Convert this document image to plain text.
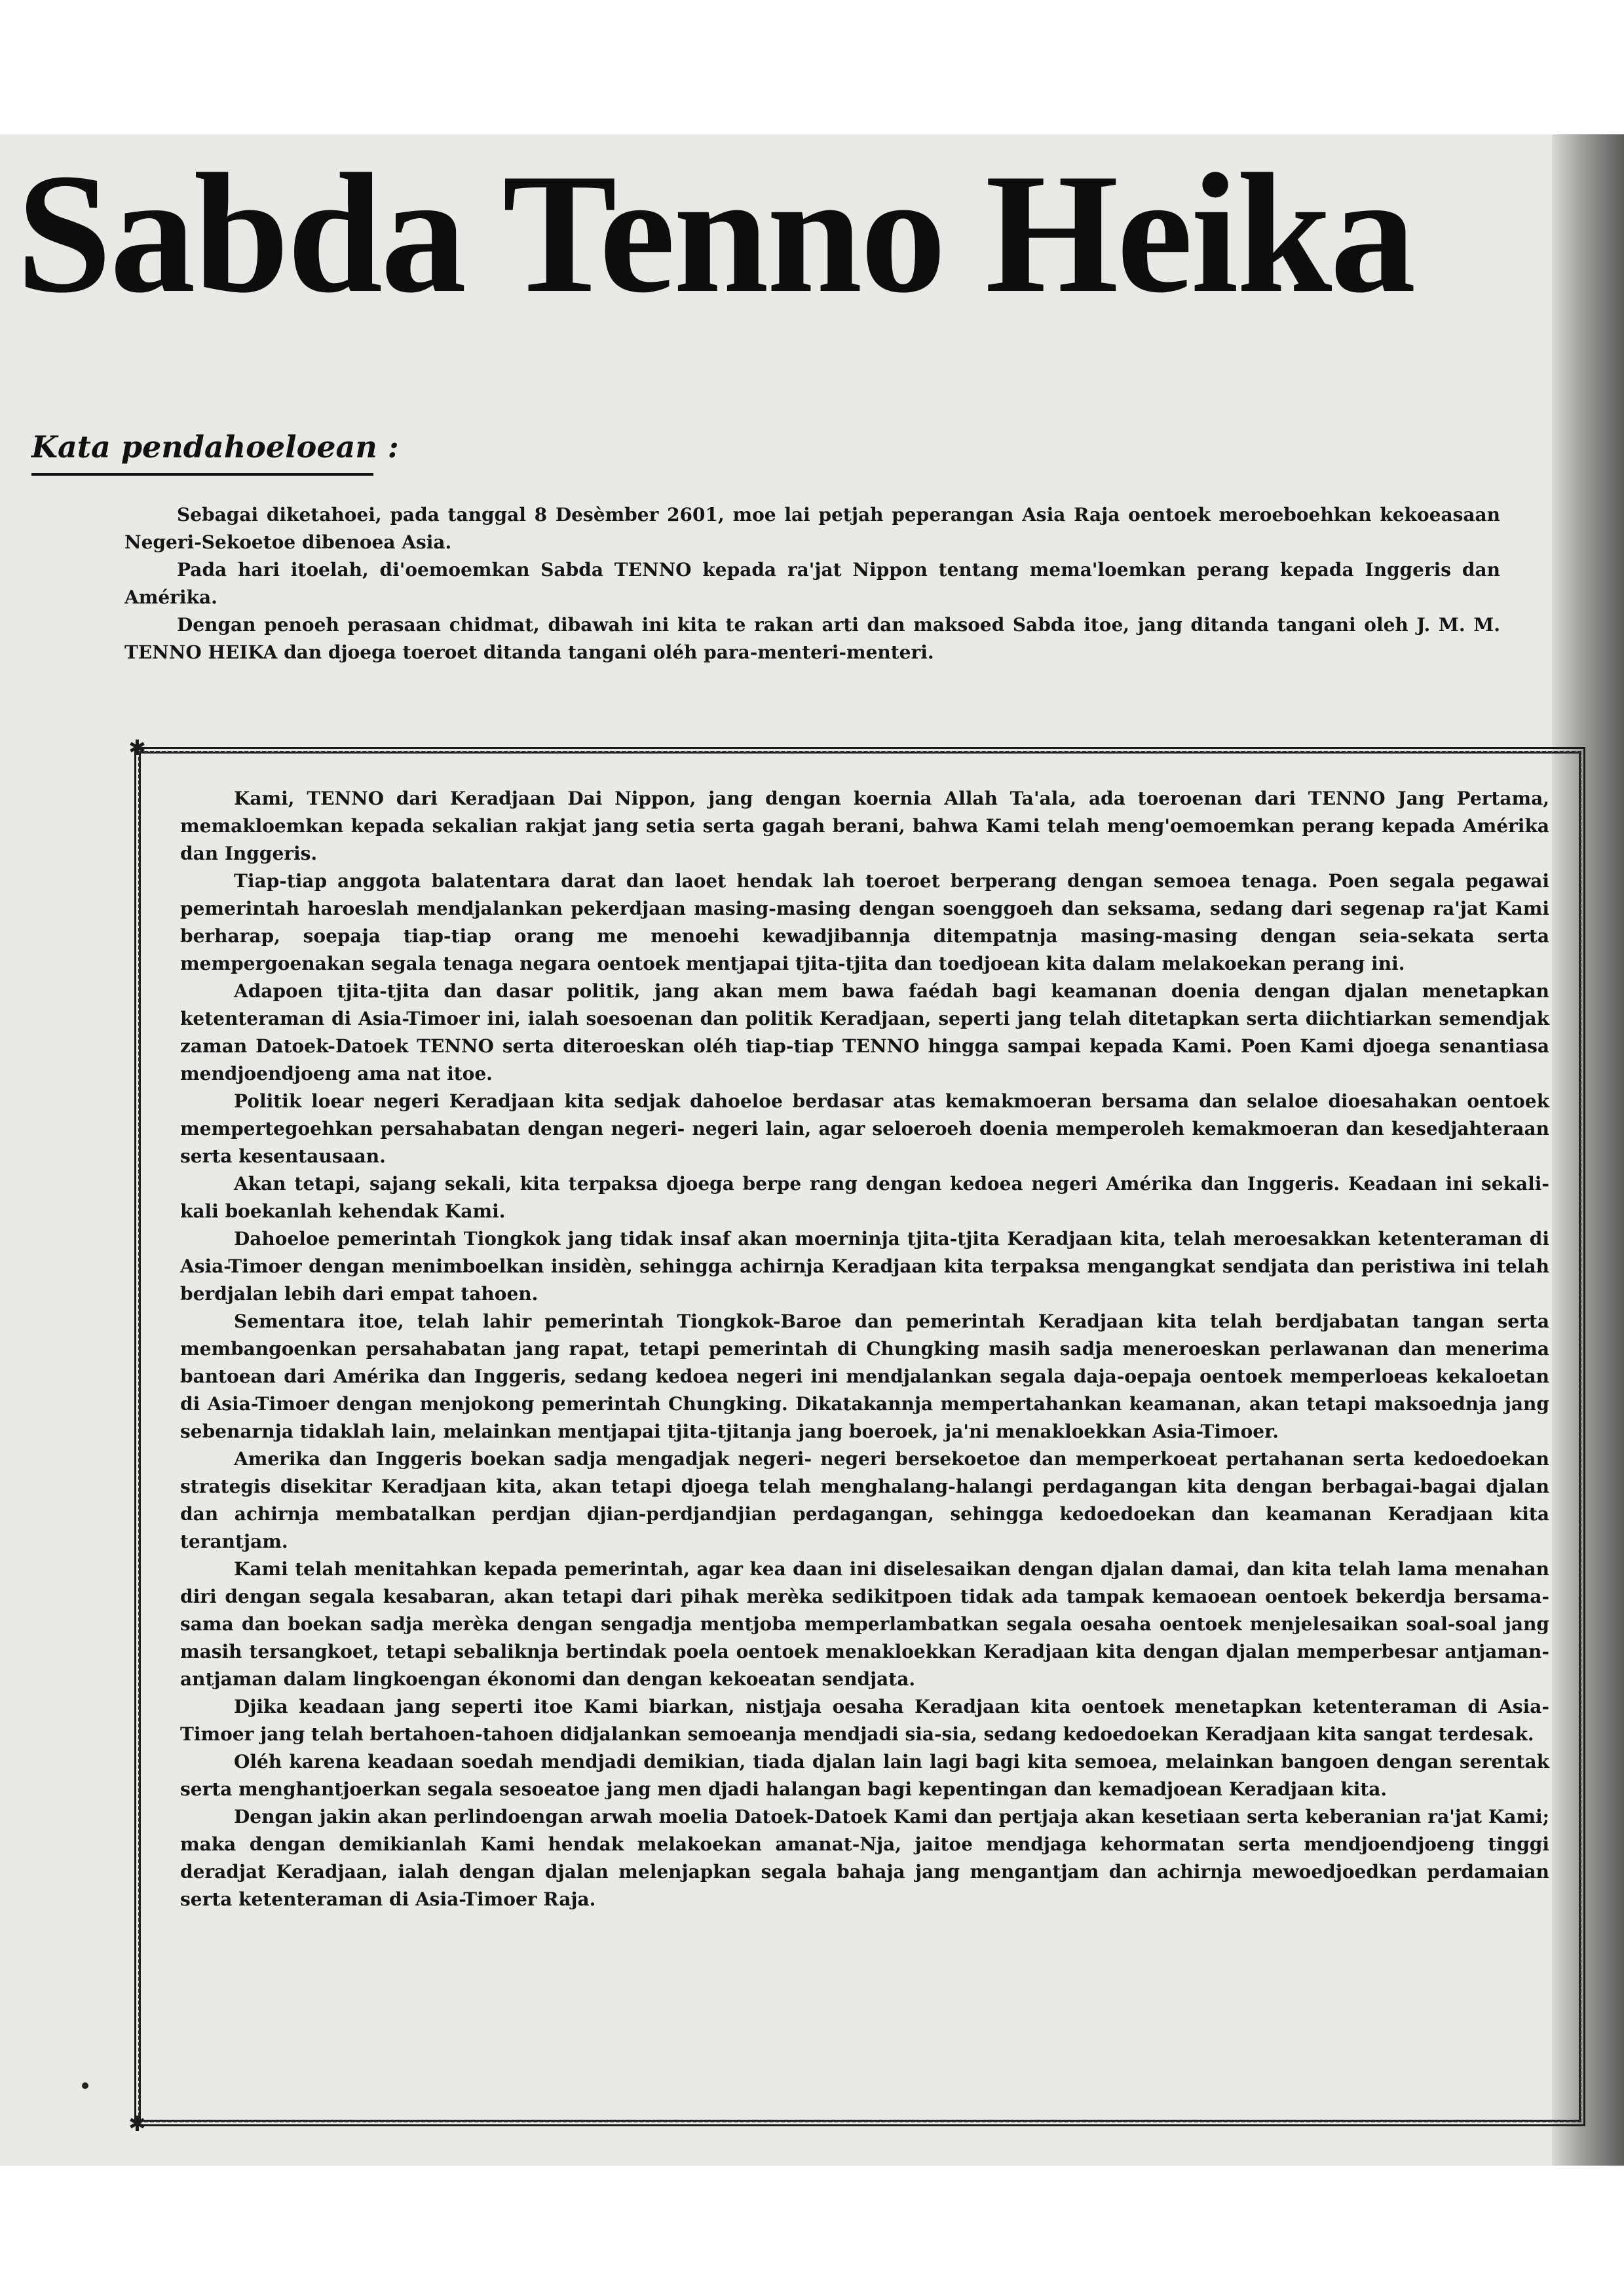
Sabda Tenno Heika
Kata pendahoeloean :

Sebagai diketahoei, pada tanggal 8 Desèmber 2601, moe lai petjah peperangan Asia Raja oentoek meroeboehkan kekoeasaan Negeri-Sekoetoe dibenoea Asia.

Pada hari itoelah, di'oemoemkan Sabda TENNO kepada ra'jat Nippon tentang mema'loemkan perang kepada Inggeris dan Amérika.

Dengan penoeh perasaan chidmat, dibawah ini kita te rakan arti dan maksoed Sabda itoe, jang ditanda tangani oleh J. M. M. TENNO HEIKA dan djoega toeroet ditanda tangani oléh para-menteri-menteri.

✱
✱

Kami, TENNO dari Keradjaan Dai Nippon, jang dengan koernia Allah Ta'ala, ada toeroenan dari TENNO Jang Pertama, memakloemkan kepada sekalian rakjat jang setia serta gagah berani, bahwa Kami telah meng'oemoemkan perang kepada Amérika dan Inggeris.

Tiap-tiap anggota balatentara darat dan laoet hendak lah toeroet berperang dengan semoea tenaga. Poen segala pegawai pemerintah haroeslah mendjalankan pekerdjaan masing-masing dengan soenggoeh dan seksama, sedang dari segenap ra'jat Kami berharap, soepaja tiap-tiap orang me menoehi kewadjibannja ditempatnja masing-masing dengan seia-sekata serta mempergoenakan segala tenaga negara oentoek mentjapai tjita-tjita dan toedjoean kita dalam melakoekan perang ini.

Adapoen tjita-tjita dan dasar politik, jang akan mem bawa faédah bagi keamanan doenia dengan djalan menetapkan ketenteraman di Asia-Timoer ini, ialah soesoenan dan politik Keradjaan, seperti jang telah ditetapkan serta diichtiarkan semendjak zaman Datoek-Datoek TENNO serta diteroeskan oléh tiap-tiap TENNO hingga sampai kepada Kami. Poen Kami djoega senantiasa mendjoendjoeng ama nat itoe.

Politik loear negeri Keradjaan kita sedjak dahoeloe berdasar atas kemakmoeran bersama dan selaloe dioesahakan oentoek mempertegoehkan persahabatan dengan negeri- negeri lain, agar seloeroeh doenia memperoleh kemakmoeran dan kesedjahteraan serta kesentausaan.

Akan tetapi, sajang sekali, kita terpaksa djoega berpe rang dengan kedoea negeri Amérika dan Inggeris. Keadaan ini sekali-kali boekanlah kehendak Kami.

Dahoeloe pemerintah Tiongkok jang tidak insaf akan moerninja tjita-tjita Keradjaan kita, telah meroesakkan ketenteraman di Asia-Timoer dengan menimboelkan insidèn, sehingga achirnja Keradjaan kita terpaksa mengangkat sendjata dan peristiwa ini telah berdjalan lebih dari empat tahoen.

Sementara itoe, telah lahir pemerintah Tiongkok-Baroe dan pemerintah Keradjaan kita telah berdjabatan tangan serta membangoenkan persahabatan jang rapat, tetapi pemerintah di Chungking masih sadja meneroeskan perlawanan dan menerima bantoean dari Amérika dan Inggeris, sedang kedoea negeri ini mendjalankan segala daja-oepaja oentoek memperloeas kekaloetan di Asia-Timoer dengan menjokong pemerintah Chungking. Dikatakannja mempertahankan keamanan, akan tetapi maksoednja jang sebenarnja tidaklah lain, melainkan mentjapai tjita-tjitanja jang boeroek, ja'ni menakloekkan Asia-Timoer.

Amerika dan Inggeris boekan sadja mengadjak negeri- negeri bersekoetoe dan memperkoeat pertahanan serta kedoedoekan strategis disekitar Keradjaan kita, akan tetapi djoega telah menghalang-halangi perdagangan kita dengan berbagai-bagai djalan dan achirnja membatalkan perdjan djian-perdjandjian perdagangan, sehingga kedoedoekan dan keamanan Keradjaan kita terantjam.

Kami telah menitahkan kepada pemerintah, agar kea daan ini diselesaikan dengan djalan damai, dan kita telah lama menahan diri dengan segala kesabaran, akan tetapi dari pihak merèka sedikitpoen tidak ada tampak kemaoean oentoek bekerdja bersama-sama dan boekan sadja merèka dengan sengadja mentjoba memperlambatkan segala oesaha oentoek menjelesaikan soal-soal jang masih tersangkoet, tetapi sebaliknja bertindak poela oentoek menakloekkan Keradjaan kita dengan djalan memperbesar antjaman-antjaman dalam lingkoengan ékonomi dan dengan kekoeatan sendjata.

Djika keadaan jang seperti itoe Kami biarkan, nistjaja oesaha Keradjaan kita oentoek menetapkan ketenteraman di Asia-Timoer jang telah bertahoen-tahoen didjalankan semoeanja mendjadi sia-sia, sedang kedoedoekan Keradjaan kita sangat terdesak.

Oléh karena keadaan soedah mendjadi demikian, tiada djalan lain lagi bagi kita semoea, melainkan bangoen dengan serentak serta menghantjoerkan segala sesoeatoe jang men djadi halangan bagi kepentingan dan kemadjoean Keradjaan kita.

Dengan jakin akan perlindoengan arwah moelia Datoek-Datoek Kami dan pertjaja akan kesetiaan serta keberanian ra'jat Kami; maka dengan demikianlah Kami hendak melakoekan amanat-Nja, jaitoe mendjaga kehormatan serta mendjoendjoeng tinggi deradjat Keradjaan, ialah dengan djalan melenjapkan segala bahaja jang mengantjam dan achirnja mewoedjoedkan perdamaian serta ketenteraman di Asia-Timoer Raja.
